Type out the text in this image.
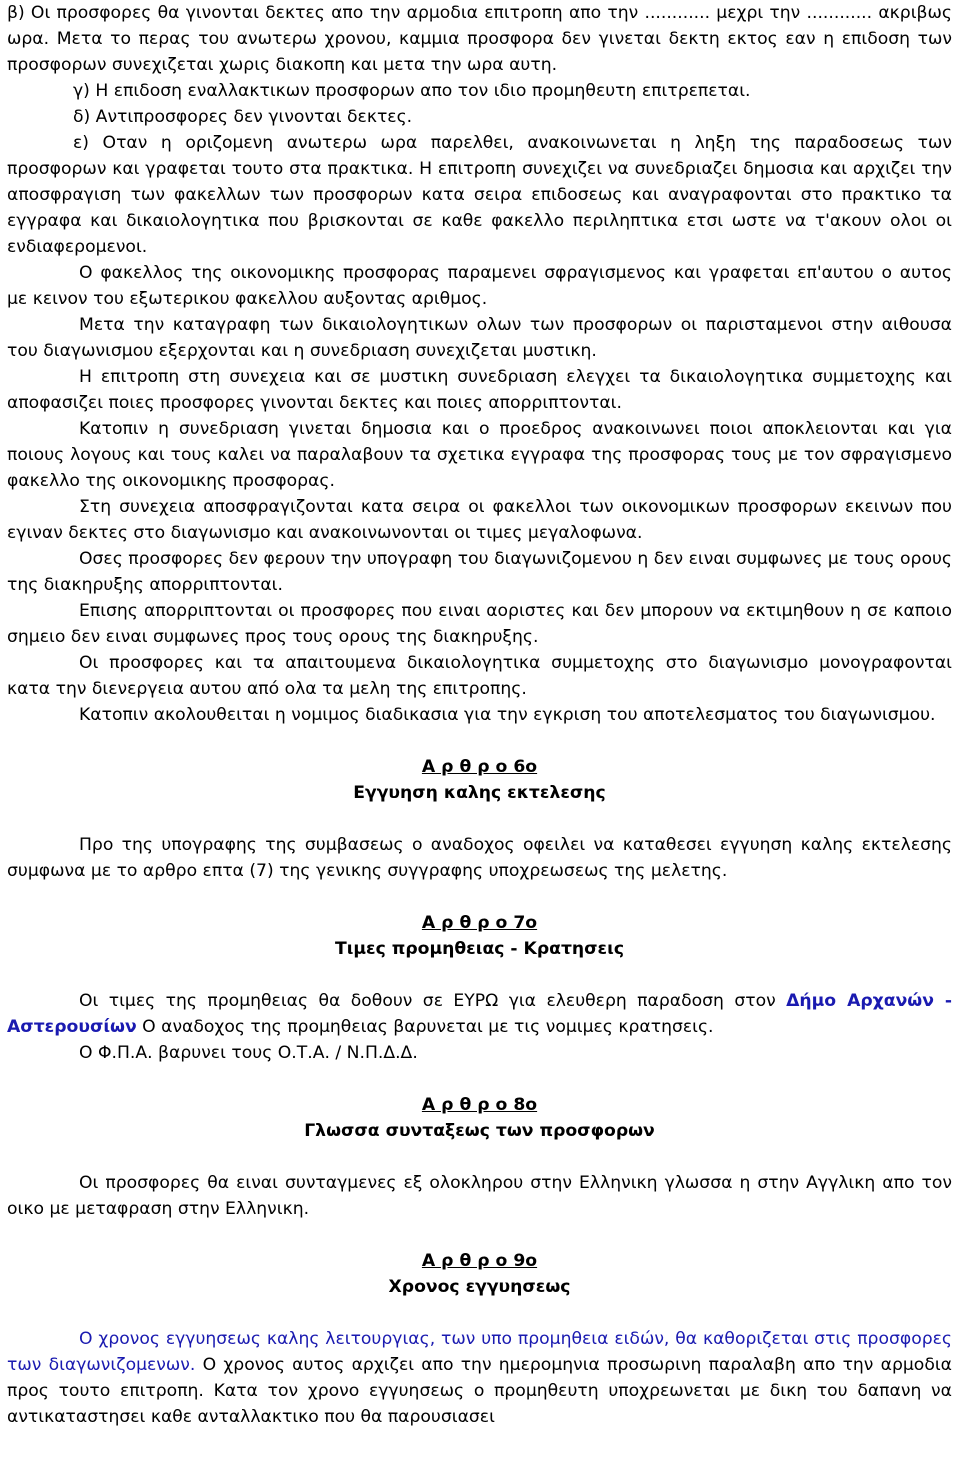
β) Οι προσφορες θα γινονται δεκτες απο την αρμοδια επιτροπη απο την ............ μεχρι την ............ ακριβως ωρα. Μετα το περας του ανωτερω χρονου, καμμια προσφορα δεν γινεται δεκτη εκτος εαν η επιδοση των προσφορων συνεχιζεται χωρις διακοπη και μετα την ωρα αυτη.

γ) Η επιδοση εναλλακτικων προσφορων απο τον ιδιο προμηθευτη επιτρεπεται.

δ) Αντιπροσφορες δεν γινονται δεκτες.

ε) Οταν η οριζομενη ανωτερω ωρα παρελθει, ανακοινωνεται η ληξη της παραδοσεως των προσφορων και γραφεται τουτο στα πρακτικα. Η επιτροπη συνεχιζει να συνεδριαζει δημοσια και αρχιζει την αποσφραγιση των φακελλων των προσφορων κατα σειρα επιδοσεως και αναγραφονται στο πρακτικο τα εγγραφα και δικαιολογητικα που βρισκονται σε καθε φακελλο περιληπτικα ετσι ωστε να τ'ακουν ολοι οι ενδιαφερομενοι.

Ο φακελλος της οικονομικης προσφορας παραμενει σφραγισμενος και γραφεται επ'αυτου ο αυτος με κεινον του εξωτερικου φακελλου αυξοντας αριθμος.

Μετα την καταγραφη των δικαιολογητικων ολων των προσφορων οι παρισταμενοι στην αιθουσα του διαγωνισμου εξερχονται και η συνεδριαση συνεχιζεται μυστικη.

Η επιτροπη στη συνεχεια και σε μυστικη συνεδριαση ελεγχει τα δικαιολογητικα συμμετοχης και αποφασιζει ποιες προσφορες γινονται δεκτες και ποιες απορριπτονται.

Κατοπιν η συνεδριαση γινεται δημοσια και ο προεδρος ανακοινωνει ποιοι αποκλειονται και για ποιους λογους και τους καλει να παραλαβουν τα σχετικα εγγραφα της προσφορας τους με τον σφραγισμενο φακελλο της οικονομικης προσφορας.

Στη συνεχεια αποσφραγιζονται κατα σειρα οι φακελλοι των οικονομικων προσφορων εκεινων που εγιναν δεκτες στο διαγωνισμο και ανακοινωνονται οι τιμες μεγαλοφωνα.

Οσες προσφορες δεν φερουν την υπογραφη του διαγωνιζομενου η δεν ειναι συμφωνες με τους ορους της διακηρυξης απορριπτονται.

Επισης απορριπτονται οι προσφορες που ειναι αοριστες και δεν μπορουν να εκτιμηθουν η σε καποιο σημειο δεν ειναι συμφωνες προς τους ορους της διακηρυξης.

Οι προσφορες και τα απαιτουμενα δικαιολογητικα συμμετοχης στο διαγωνισμο μονογραφονται κατα την διενεργεια αυτου από ολα τα μελη της επιτροπης.

Κατοπιν ακολουθειται η νομιμος διαδικασια για την εγκριση του αποτελεσματος του διαγωνισμου.

Α ρ θ ρ ο 6ο

Εγγυηση καλης εκτελεσης

Προ της υπογραφης της συμβασεως ο αναδοχος οφειλει να καταθεσει εγγυηση καλης εκτελεσης συμφωνα με το αρθρο επτα (7) της γενικης συγγραφης υποχρεωσεως της μελετης.

Α ρ θ ρ ο 7ο

Τιμες προμηθειας - Κρατησεις

Οι τιμες της προμηθειας θα δοθουν σε ΕΥΡΩ για ελευθερη παραδοση στον Δήμο Αρχανών - Αστερουσίων Ο αναδοχος της προμηθειας βαρυνεται με τις νομιμες κρατησεις.

Ο Φ.Π.Α. βαρυνει τους Ο.Τ.Α. / Ν.Π.Δ.Δ.

Α ρ θ ρ ο 8ο

Γλωσσα συνταξεως των προσφορων

Οι προσφορες θα ειναι συνταγμενες εξ ολοκληρου στην Ελληνικη γλωσσα η στην Αγγλικη απο τον οικο με μεταφραση στην Ελληνικη.

Α ρ θ ρ ο 9ο

Χρονος εγγυησεως

Ο χρονος εγγυησεως καλης λειτουργιας, των υπο προμηθεια ειδών, θα καθοριζεται στις προσφορες των διαγωνιζομενων. Ο χρονος αυτος αρχιζει απο την ημερομηνια προσωρινη παραλαβη απο την αρμοδια προς τουτο επιτροπη. Κατα τον χρονο εγγυησεως ο προμηθευτη υποχρεωνεται με δικη του δαπανη να αντικαταστησει καθε ανταλλακτικο που θα παρουσιασει
